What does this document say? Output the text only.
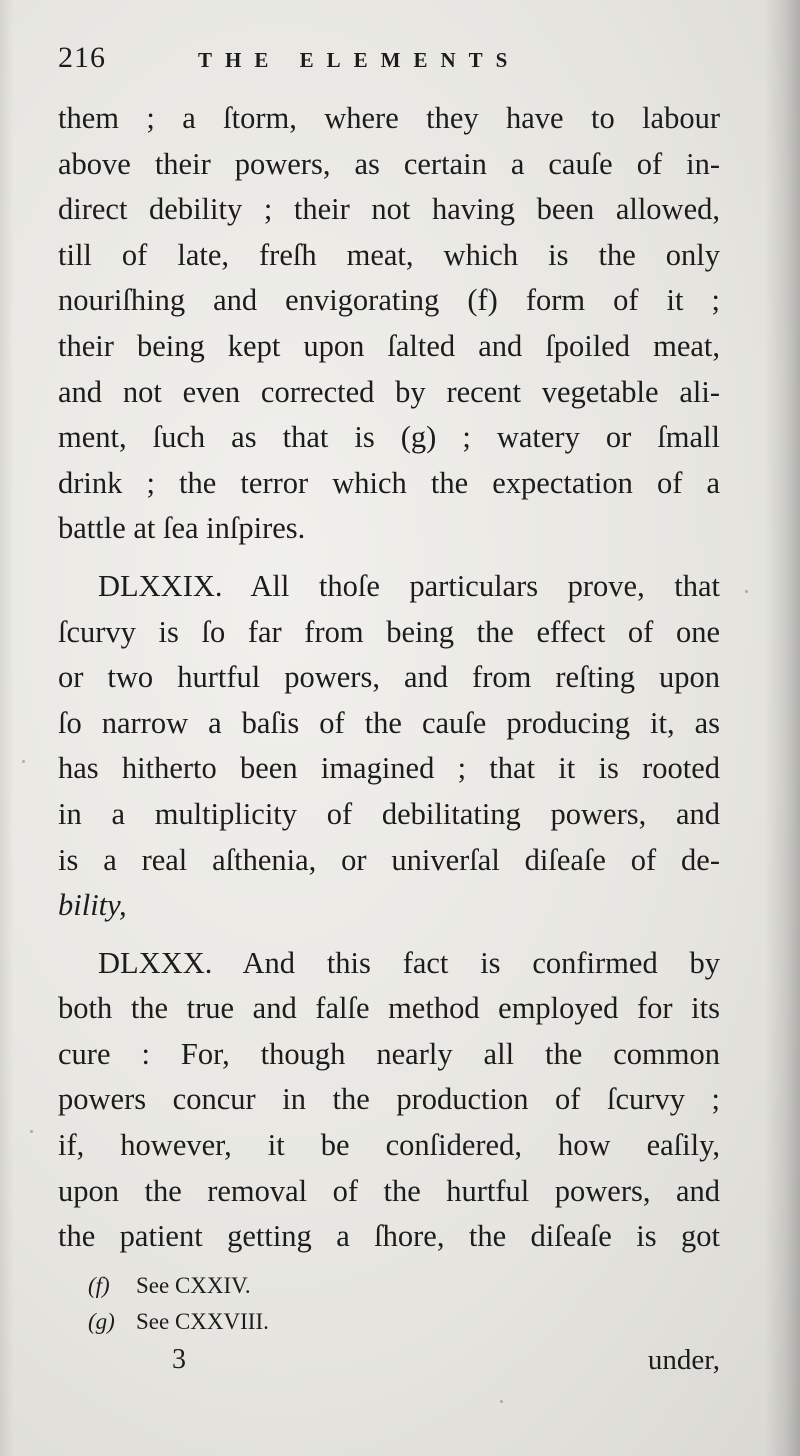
216	THE ELEMENTS
them ; a ſtorm, where they have to labour
above their powers, as certain a cauſe of in-
direct debility ; their not having been allowed,
till of late, freſh meat, which is the only
nouriſhing and envigorating (f) form of it ;
their being kept upon ſalted and ſpoiled meat,
and not even corrected by recent vegetable ali-
ment, ſuch as that is (g) ; watery or ſmall
drink ; the terror which the expectation of a
battle at ſea inſpires.
DLXXIX. All thoſe particulars prove, that
ſcurvy is ſo far from being the effect of one
or two hurtful powers, and from reſting upon
ſo narrow a baſis of the cauſe producing it, as
has hitherto been imagined ; that it is rooted
in a multiplicity of debilitating powers, and
is a real aſthenia, or univerſal diſeaſe of de-
bility,
DLXXX. And this fact is confirmed by
both the true and falſe method employed for its
cure : For, though nearly all the common
powers concur in the production of ſcurvy ;
if, however, it be conſidered, how eaſily,
upon the removal of the hurtful powers, and
the patient getting a ſhore, the diſeaſe is got
(f) See CXXIV.
(g) See CXXVIII.
3	under,
